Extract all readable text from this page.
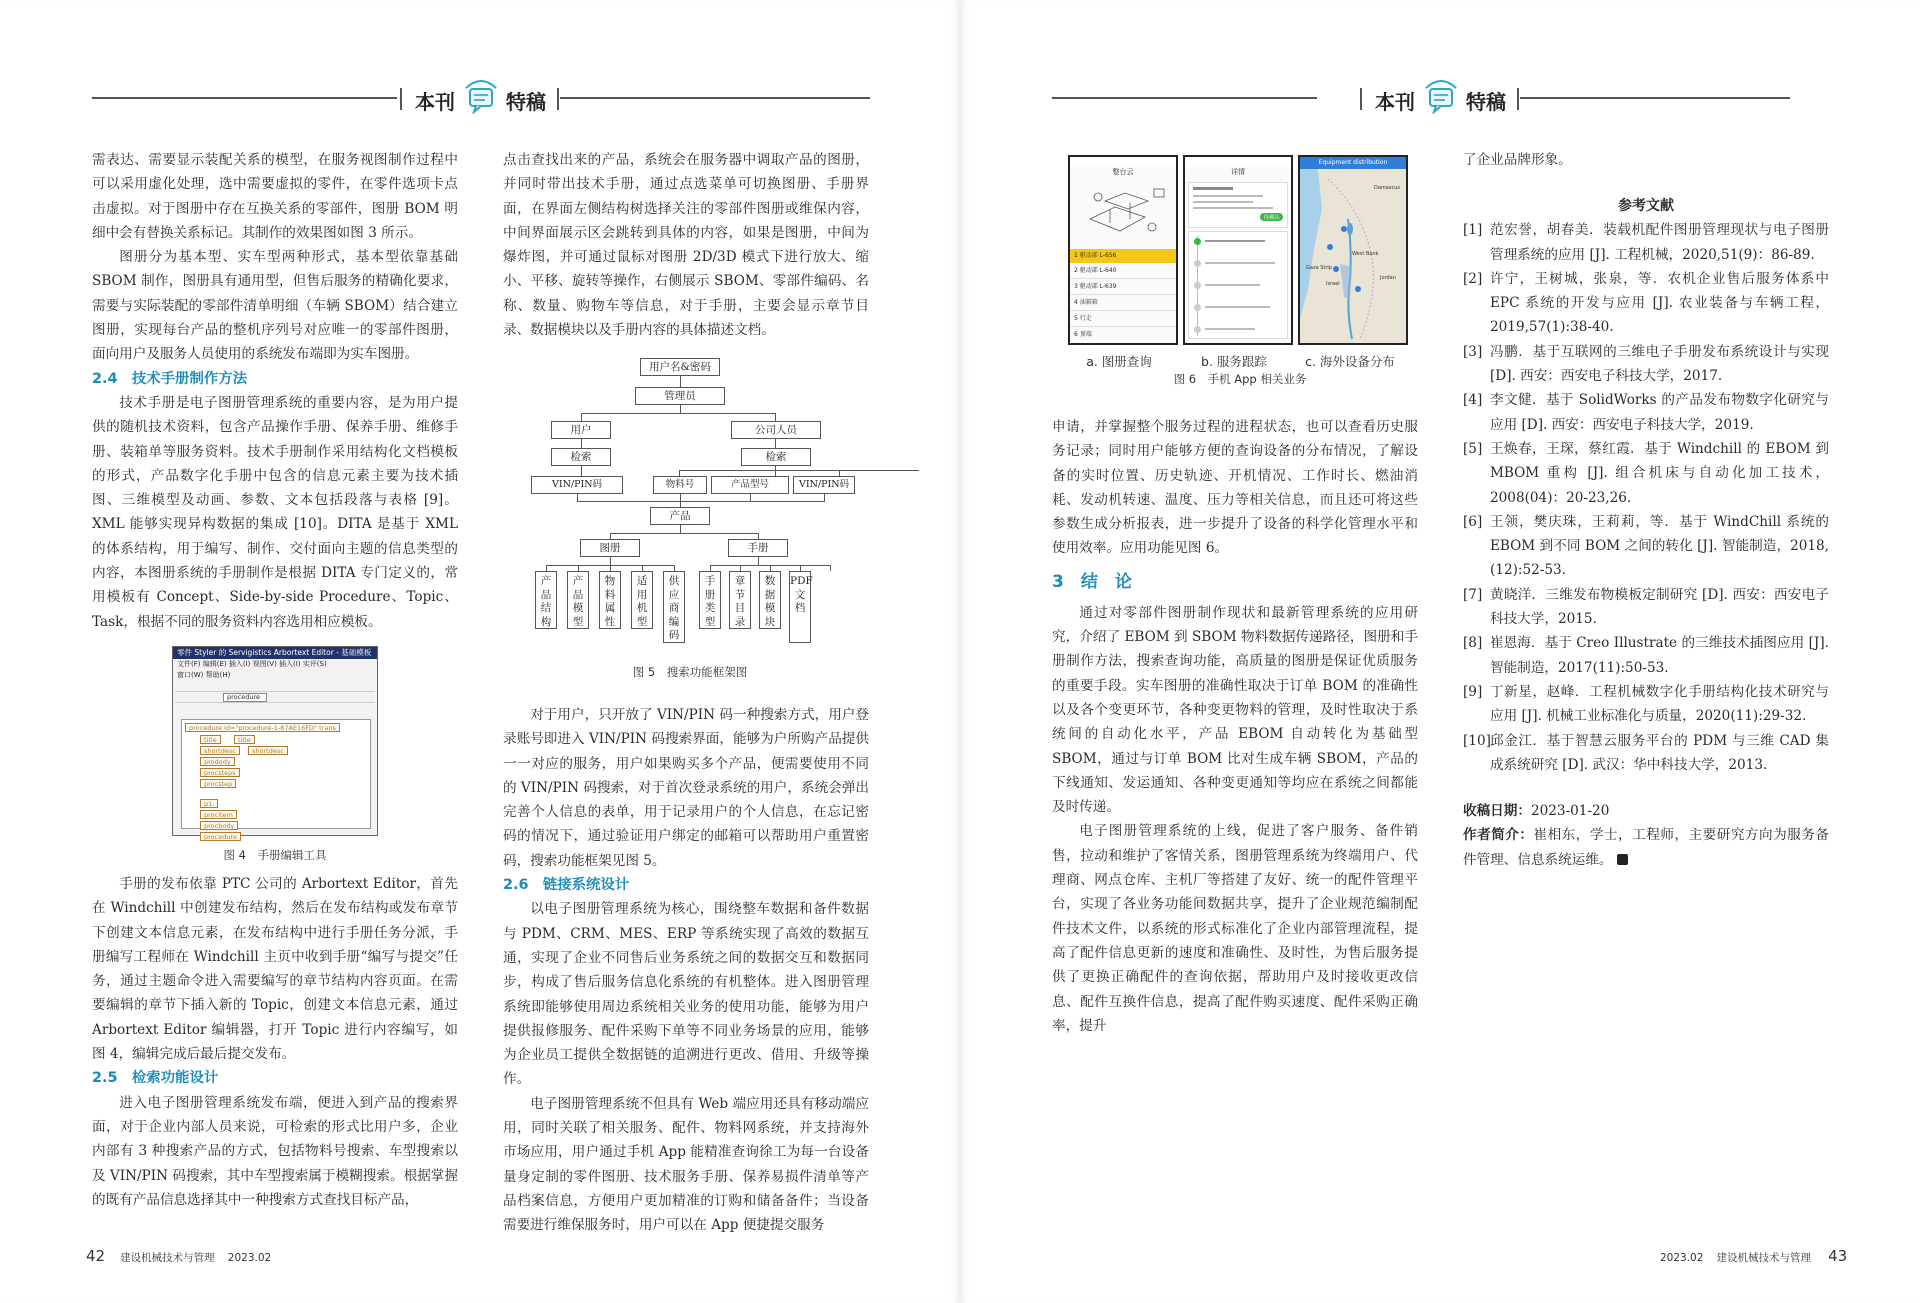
本刊	特稿

需表达、需要显示装配关系的模型，在服务视图制作过程中可以采用虚化处理，选中需要虚拟的零件，在零件选项卡点击虚拟。对于图册中存在互换关系的零部件，图册 BOM 明细中会有替换关系标记。其制作的效果图如图 3 所示。

图册分为基本型、实车型两种形式，基本型依靠基础 SBOM 制作，图册具有通用型，但售后服务的精确化要求，需要与实际装配的零部件清单明细（车辆 SBOM）结合建立图册，实现每台产品的整机序列号对应唯一的零部件图册，面向用户及服务人员使用的系统发布端即为实车图册。

2.4　技术手册制作方法

技术手册是电子图册管理系统的重要内容，是为用户提供的随机技术资料，包含产品操作手册、保养手册、维修手册、装箱单等服务资料。技术手册制作采用结构化文档模板的形式，产品数字化手册中包含的信息元素主要为技术插图、三维模型及动画、参数、文本包括段落与表格 [9]。XML 能够实现异构数据的集成 [10]。DITA 是基于 XML 的体系结构，用于编写、制作、交付面向主题的信息类型的内容，本图册系统的手册制作是根据 DITA 专门定义的，常用模板有 Concept、Side-by-side Procedure、Topic、Task，根据不同的服务资料内容选用相应模板。

零件 Styler 的 Servigistics Arbortext Editor - 基础模板
文件(F) 编辑(E) 插入(I) 视图(V) 插入(I) 实评(S)
窗口(W) 帮助(H)
procedure
procedure id="procedure-1-87AE16FD" trans
title	title
shortdesc	shortdesc
prodody
procsteps
procstep
p1.
procitem
procbody
procedure
图 4　手册编辑工具

手册的发布依靠 PTC 公司的 Arbortext Editor，首先在 Windchill 中创建发布结构，然后在发布结构或发布章节下创建文本信息元素，在发布结构中进行手册任务分派，手册编写工程师在 Windchill 主页中收到手册“编写与提交”任务，通过主题命令进入需要编写的章节结构内容页面。在需要编辑的章节下插入新的 Topic，创建文本信息元素，通过 Arbortext Editor 编辑器，打开 Topic 进行内容编写，如图 4，编辑完成后最后提交发布。

2.5　检索功能设计

进入电子图册管理系统发布端，便进入到产品的搜索界面，对于企业内部人员来说，可检索的形式比用户多，企业内部有 3 种搜索产品的方式，包括物料号搜索、车型搜索以及 VIN/PIN 码搜索，其中车型搜索属于模糊搜索。根据掌握的既有产品信息选择其中一种搜索方式查找目标产品，

点击查找出来的产品，系统会在服务器中调取产品的图册，并同时带出技术手册，通过点选菜单可切换图册、手册界面，在界面左侧结构树选择关注的零部件图册或维保内容，中间界面展示区会跳转到具体的内容，如果是图册，中间为爆炸图，并可通过鼠标对图册 2D/3D 模式下进行放大、缩小、平移、旋转等操作，右侧展示 SBOM、零部件编码、名称、数量、购物车等信息，对于手册，主要会显示章节目录、数据模块以及手册内容的具体描述文档。

用户名&密码
管理员
用户	公司人员
检索	检索
VIN/PIN码	物料号	产品型号	VIN/PIN码
产品
图册	手册
产品结构
产品模型
物料属性
适用机型
供应商编码
手册类型
章节目录
数据模块
PDF文档
图 5　搜索功能框架图

对于用户，只开放了 VIN/PIN 码一种搜索方式，用户登录账号即进入 VIN/PIN 码搜索界面，能够为户所购产品提供一一对应的服务，用户如果购买多个产品，便需要使用不同的 VIN/PIN 码搜索，对于首次登录系统的用户，系统会弹出完善个人信息的表单，用于记录用户的个人信息，在忘记密码的情况下，通过验证用户绑定的邮箱可以帮助用户重置密码，搜索功能框架见图 5。

2.6　链接系统设计

以电子图册管理系统为核心，围绕整车数据和备件数据与 PDM、CRM、MES、ERP 等系统实现了高效的数据互通，实现了企业不同售后业务系统之间的数据交互和数据同步，构成了售后服务信息化系统的有机整体。进入图册管理系统即能够使用周边系统相关业务的使用功能，能够为用户提供报修服务、配件采购下单等不同业务场景的应用，能够为企业员工提供全数据链的追溯进行更改、借用、升级等操作。

电子图册管理系统不但具有 Web 端应用还具有移动端应用，同时关联了相关服务、配件、物料网系统，并支持海外市场应用，用户通过手机 App 能精准查询徐工为每一台设备量身定制的零件图册、技术服务手册、保养易损件清单等产品档案信息，方便用户更加精准的订购和储备备件；当设备需要进行维保服务时，用户可以在 App 便捷提交服务

42 建设机械技术与管理 2023.02
本刊	特稿
整台云
1 驱动部 L-656
2 驱动部 L-640
3 驱动部 L-639
4 油箱箱
5 行走
6 顶端
详情
待确认
Equipment distribution
Damascus
West Bank
Jordan
Gaza Strip
Israel
a. 图册查询	b. 服务跟踪	c. 海外设备分布
图 6　手机 App 相关业务

申请，并掌握整个服务过程的进程状态，也可以查看历史服务记录；同时用户能够方便的查询设备的分布情况，了解设备的实时位置、历史轨迹、开机情况、工作时长、燃油消耗、发动机转速、温度、压力等相关信息，而且还可将这些参数生成分析报表，进一步提升了设备的科学化管理水平和使用效率。应用功能见图 6。

3　结　论

通过对零部件图册制作现状和最新管理系统的应用研究，介绍了 EBOM 到 SBOM 物料数据传递路径，图册和手册制作方法，搜索查询功能，高质量的图册是保证优质服务的重要手段。实车图册的准确性取决于订单 BOM 的准确性以及各个变更环节，各种变更物料的管理，及时性取决于系统间的自动化水平，产品 EBOM 自动转化为基础型 SBOM，通过与订单 BOM 比对生成车辆 SBOM，产品的下线通知、发运通知、各种变更通知等均应在系统之间都能及时传递。

电子图册管理系统的上线，促进了客户服务、备件销售，拉动和维护了客情关系，图册管理系统为终端用户、代理商、网点仓库、主机厂等搭建了友好、统一的配件管理平台，实现了各业务功能间数据共享，提升了企业规范编制配件技术文件，以系统的形式标准化了企业内部管理流程，提高了配件信息更新的速度和准确性、及时性，为售后服务提供了更换正确配件的查询依据，帮助用户及时接收更改信息、配件互换件信息，提高了配件购买速度、配件采购正确率，提升

了企业品牌形象。

参考文献
[1] 范宏誉，胡春美．装载机配件图册管理现状与电子图册管理系统的应用 [J]. 工程机械，2020,51(9)：86-89.
[2] 许宁，王树城，张泉，等．农机企业售后服务体系中 EPC 系统的开发与应用 [J]. 农业装备与车辆工程，2019,57(1):38-40.
[3] 冯鹏．基于互联网的三维电子手册发布系统设计与实现 [D]. 西安：西安电子科技大学，2017.
[4] 李文健．基于 SolidWorks 的产品发布物数字化研究与应用 [D]. 西安：西安电子科技大学，2019.
[5] 王焕春，王琛，蔡红霞．基于 Windchill 的 EBOM 到 MBOM 重构 [J]. 组合机床与自动化加工技术，2008(04)：20-23,26.
[6] 王领，樊庆珠，王莉莉，等．基于 WindChill 系统的 EBOM 到不同 BOM 之间的转化 [J]. 智能制造，2018,(12):52-53.
[7] 黄晓洋．三维发布物模板定制研究 [D]. 西安：西安电子科技大学，2015.
[8] 崔恩海．基于 Creo Illustrate 的三维技术插图应用 [J]. 智能制造，2017(11):50-53.
[9] 丁新星，赵峰．工程机械数字化手册结构化技术研究与应用 [J]. 机械工业标准化与质量，2020(11):29-32.
[10] 邱金江．基于智慧云服务平台的 PDM 与三维 CAD 集成系统研究 [D]. 武汉：华中科技大学，2013.

收稿日期：2023-01-20

作者简介：崔相东，学士，工程师，主要研究方向为服务备件管理、信息系统运维。

2023.02 建设机械技术与管理 43
